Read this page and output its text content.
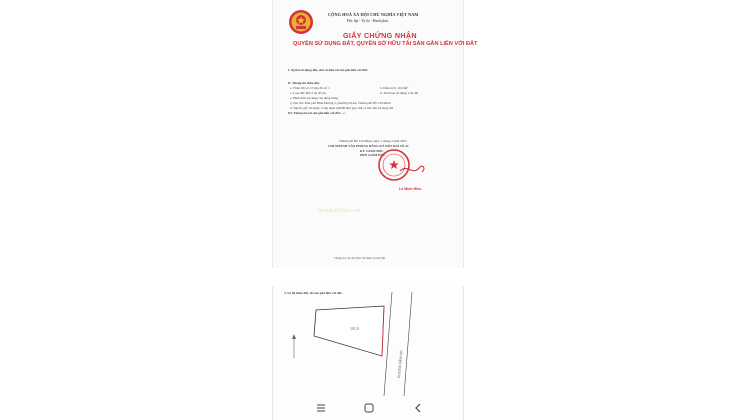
CỘNG HOÀ XÃ HỘI CHỦ NGHĨA VIỆT NAM
Độc lập - Tự do - Hạnh phúc
GIẤY CHỨNG NHẬN
QUYỀN SỬ DỤNG ĐẤT, QUYỀN SỞ HỮU TÀI SẢN GẮN LIỀN VỚI ĐẤT
I. Người sử dụng đất, chủ sở hữu tài sản gắn liền với đất:
II. Thông tin thửa đất:
a. Thửa đất số: tờ bản đồ số: 1	b. Diện tích: 101,9m²
c. Loại đất: Đất ở tại đô thị	d. Thời hạn sử dụng: Lâu dài
e. Hình thức sử dụng: Sử dụng riêng
g. Địa chỉ: Khu phố Bình Đường 2, phường Dĩ An, Thành phố Hồ Chí Minh
h. Nguồn gốc sử dụng: Công nhận QSDĐ như giao đất có thu tiền sử dụng đất
III. Thông tin tài sản gắn liền với đất: –/–
Thành phố Hồ Chí Minh, ngày 1 tháng 2 năm 2025
CHI NHÁNH VĂN PHÒNG ĐĂNG KÝ ĐẤT ĐAI SỐ 24
KT. GIÁM ĐỐC
PHÓ GIÁM ĐỐC
Lê Minh Hiếu
nhadatdian.vn
Thông tin chi tiết được thể hiện tại mã QR
4. Sơ đồ thửa đất, tài sản gắn liền với đất:
101,9
ĐƯỜNG BÌNH AN
